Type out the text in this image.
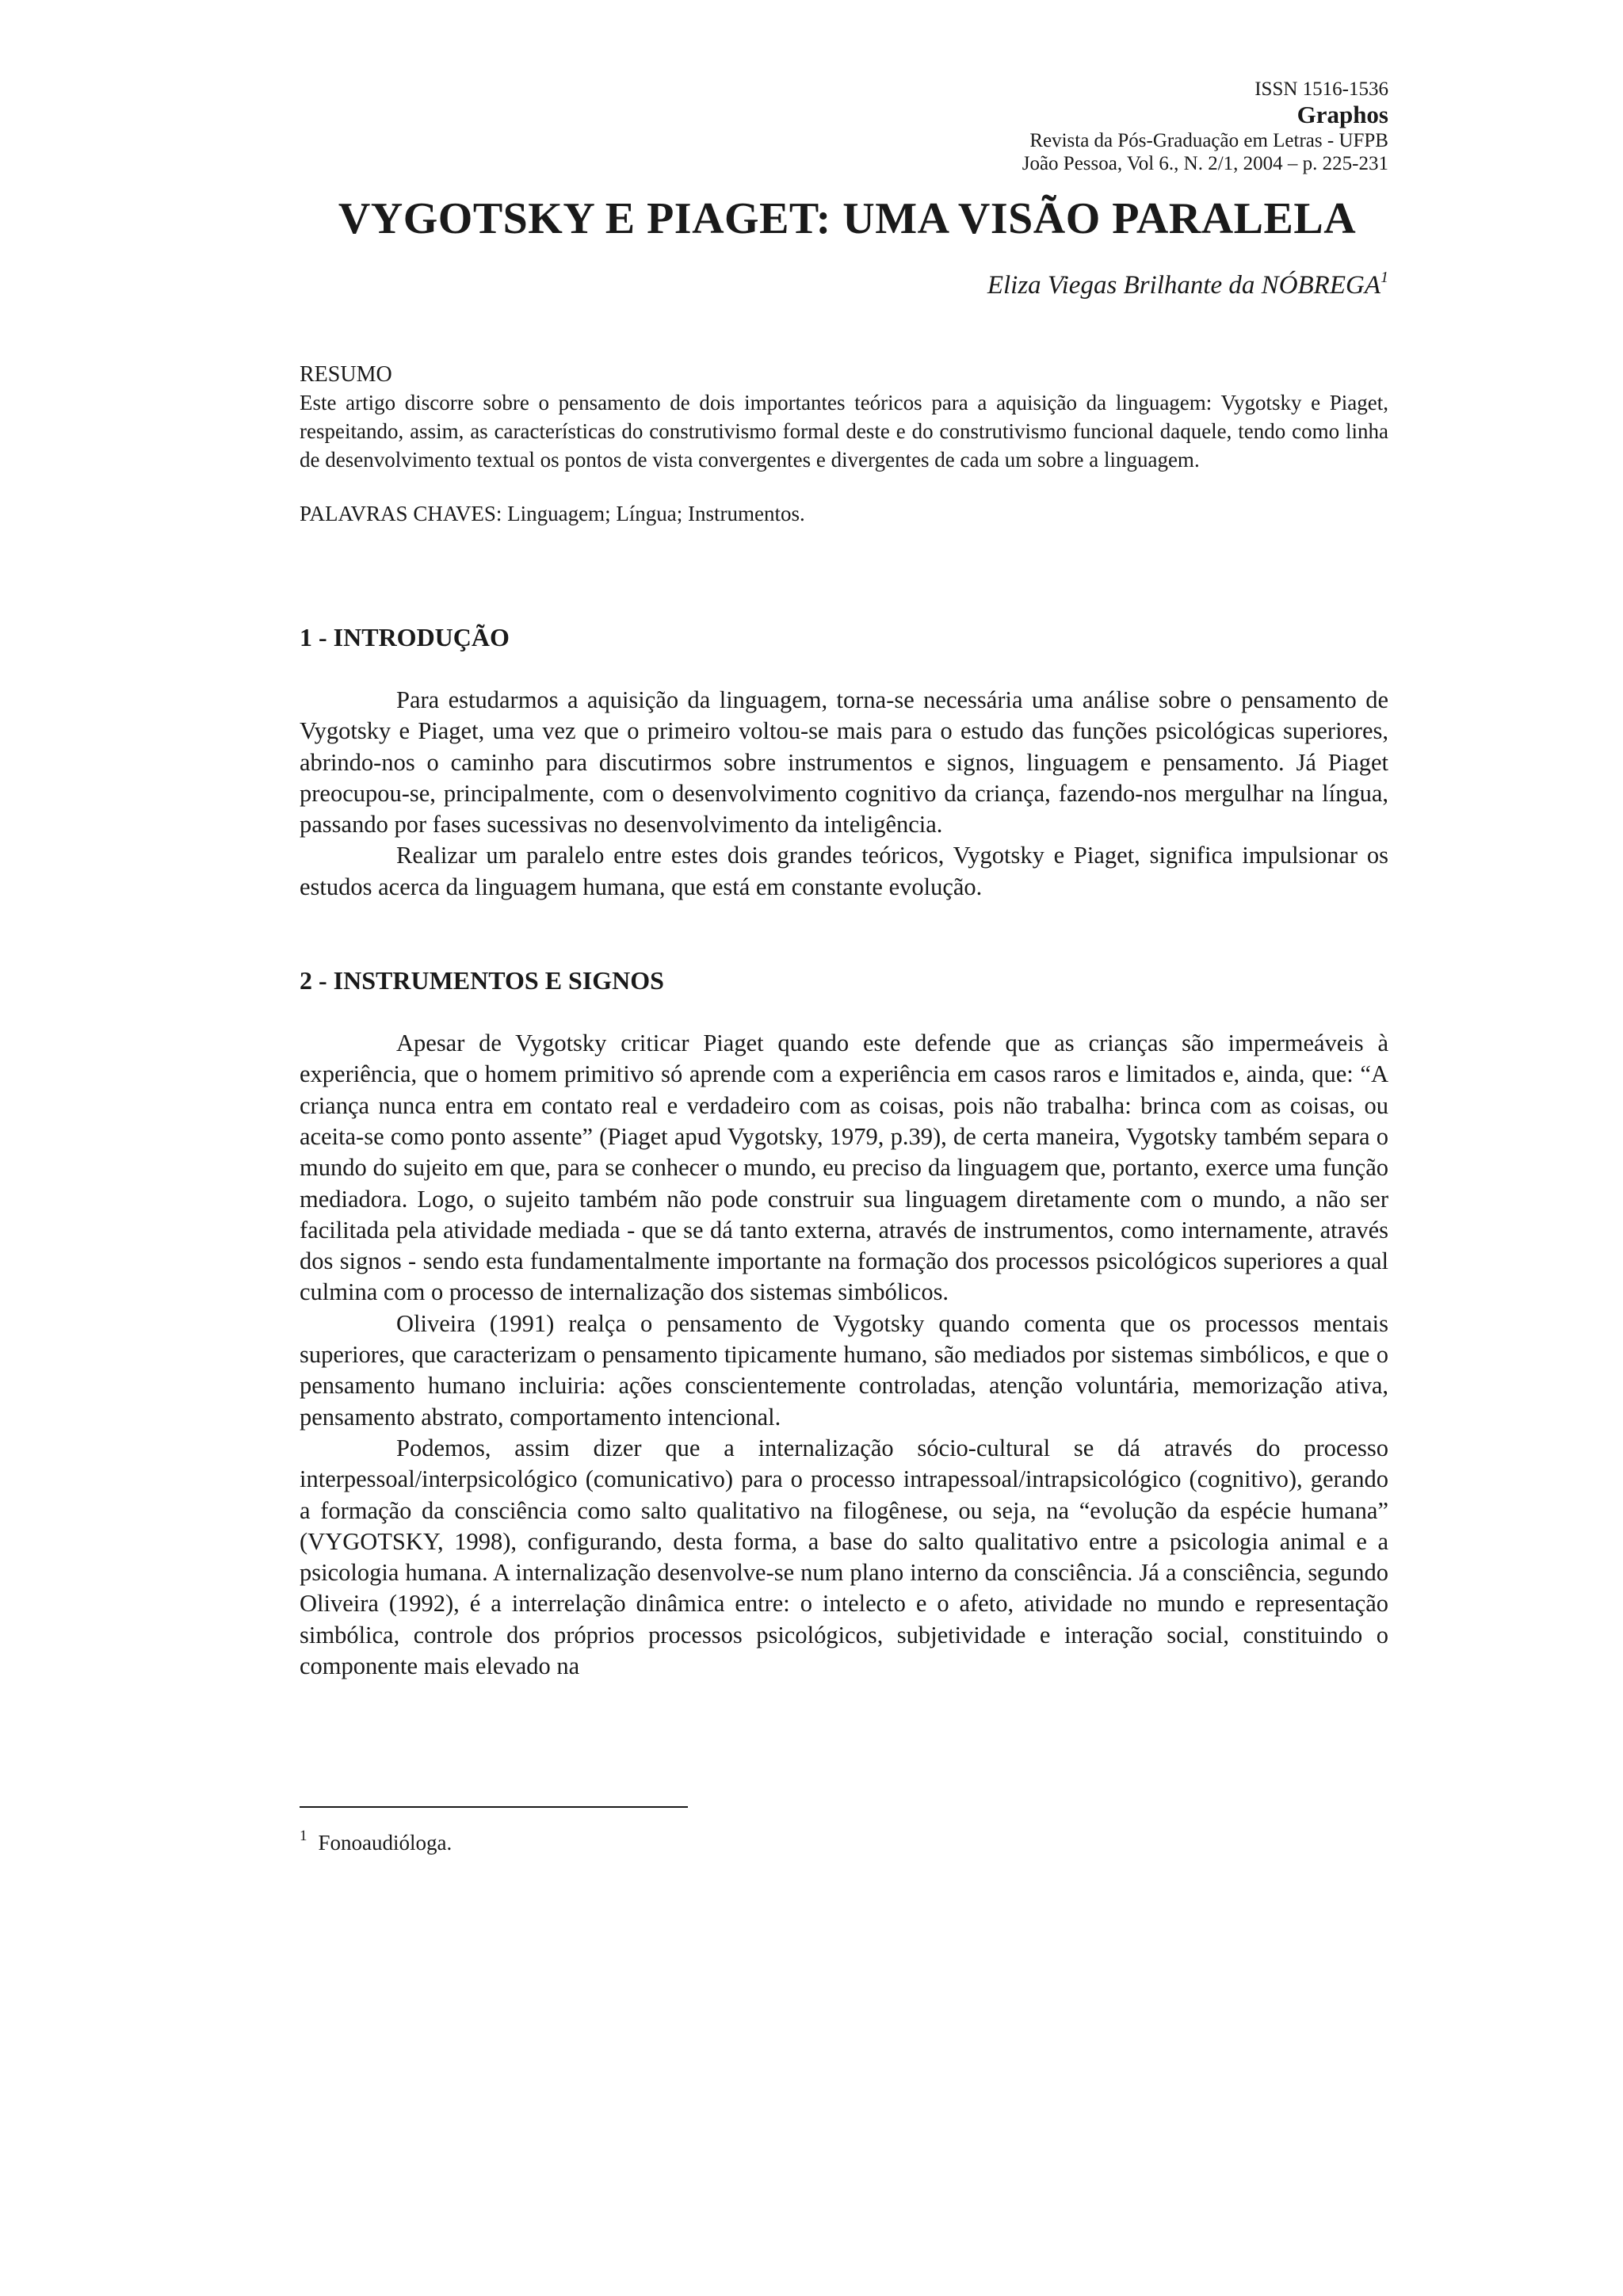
ISSN 1516-1536
Graphos
Revista da Pós-Graduação em Letras - UFPB
João Pessoa, Vol 6., N. 2/1, 2004 – p. 225-231
VYGOTSKY E PIAGET: UMA VISÃO PARALELA
Eliza Viegas Brilhante da NÓBREGA$^1$
RESUMO

Este artigo discorre sobre o pensamento de dois importantes teóricos para a aquisição da linguagem: Vygotsky e Piaget, respeitando, assim, as características do construtivismo formal deste e do construtivismo funcional daquele, tendo como linha de desenvolvimento textual os pontos de vista convergentes e divergentes de cada um sobre a linguagem.

PALAVRAS CHAVES: Linguagem; Língua; Instrumentos.
1 - INTRODUÇÃO

Para estudarmos a aquisição da linguagem, torna-se necessária uma análise sobre o pensamento de Vygotsky e Piaget, uma vez que o primeiro voltou-se mais para o estudo das funções psicológicas superiores, abrindo-nos o caminho para discutirmos sobre instrumentos e signos, linguagem e pensamento. Já Piaget preocupou-se, principalmente, com o desenvolvimento cognitivo da criança, fazendo-nos mergulhar na língua, passando por fases sucessivas no desenvolvimento da inteligência.

Realizar um paralelo entre estes dois grandes teóricos, Vygotsky e Piaget, significa impulsionar os estudos acerca da linguagem humana, que está em constante evolução.

2 - INSTRUMENTOS E SIGNOS

Apesar de Vygotsky criticar Piaget quando este defende que as crianças são impermeáveis à experiência, que o homem primitivo só aprende com a experiência em casos raros e limitados e, ainda, que: “A criança nunca entra em contato real e verdadeiro com as coisas, pois não trabalha: brinca com as coisas, ou aceita-se como ponto assente” (Piaget apud Vygotsky, 1979, p.39), de certa maneira, Vygotsky também separa o mundo do sujeito em que, para se conhecer o mundo, eu preciso da linguagem que, portanto, exerce uma função mediadora. Logo, o sujeito também não pode construir sua linguagem diretamente com o mundo, a não ser facilitada pela atividade mediada - que se dá tanto externa, através de instrumentos, como internamente, através dos signos - sendo esta fundamentalmente importante na formação dos processos psicológicos superiores a qual culmina com o processo de internalização dos sistemas simbólicos.

Oliveira (1991) realça o pensamento de Vygotsky quando comenta que os processos mentais superiores, que caracterizam o pensamento tipicamente humano, são mediados por sistemas simbólicos, e que o pensamento humano incluiria: ações conscientemente controladas, atenção voluntária, memorização ativa, pensamento abstrato, comportamento intencional.

Podemos, assim dizer que a internalização sócio-cultural se dá através do processo interpessoal/interpsicológico (comunicativo) para o processo intrapessoal/intrapsicológico (cognitivo), gerando a formação da consciência como salto qualitativo na filogênese, ou seja, na “evolução da espécie humana” (VYGOTSKY, 1998), configurando, desta forma, a base do salto qualitativo entre a psicologia animal e a psicologia humana. A internalização desenvolve-se num plano interno da consciência. Já a consciência, segundo Oliveira (1992), é a interrelação dinâmica entre: o intelecto e o afeto, atividade no mundo e representação simbólica, controle dos próprios processos psicológicos, subjetividade e interação social, constituindo o componente mais elevado na

$^1$ Fonoaudióloga.
